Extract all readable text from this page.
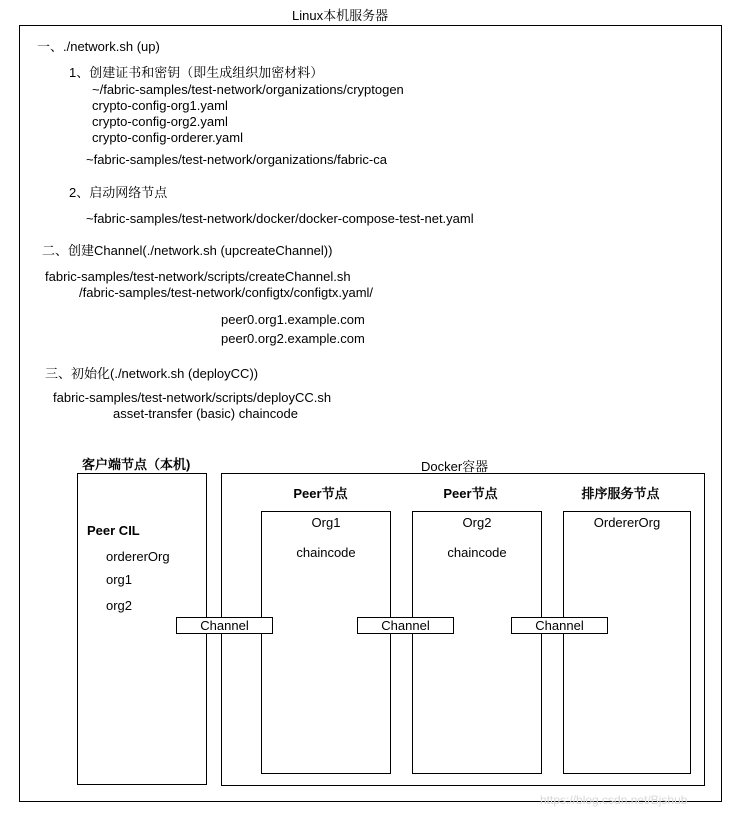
Linux本机服务器
一、./network.sh (up)
1、创建证书和密钥（即生成组织加密材料）
~/fabric-samples/test-network/organizations/cryptogen
crypto-config-org1.yaml
crypto-config-org2.yaml
crypto-config-orderer.yaml
~fabric-samples/test-network/organizations/fabric-ca
2、启动网络节点
~fabric-samples/test-network/docker/docker-compose-test-net.yaml
二、创建Channel(./network.sh (upcreateChannel))
fabric-samples/test-network/scripts/createChannel.sh
/fabric-samples/test-network/configtx/configtx.yaml/
peer0.org1.example.com
peer0.org2.example.com
三、初始化(./network.sh (deployCC))
fabric-samples/test-network/scripts/deployCC.sh
asset-transfer (basic) chaincode
客户端节点（本机)
Peer CIL
ordererOrg
org1
org2
Docker容器
Peer节点
Org1
chaincode
Peer节点
Org2
chaincode
排序服务节点
OrdererOrg
Channel	Channel	Channel
https://blog.csdn.net/Bjshub
